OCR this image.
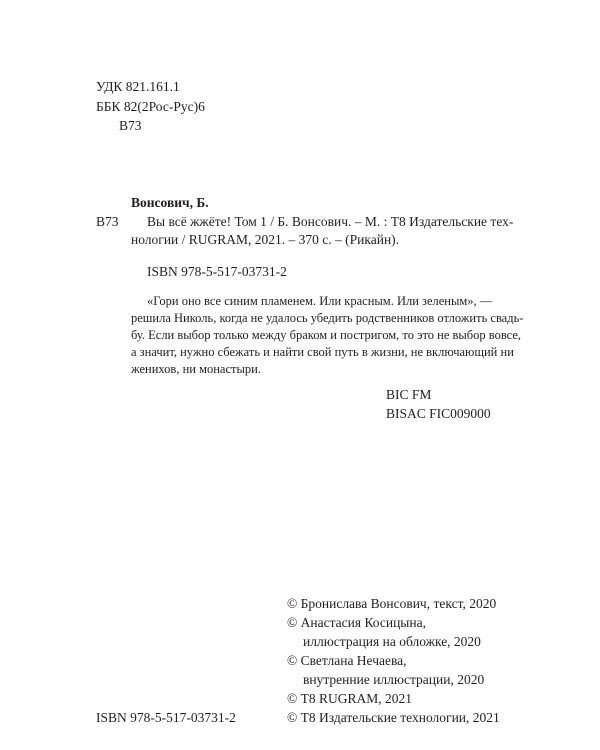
УДК 821.161.1
ББК 82(2Рос-Рус)6
В73
Вонсович, Б.
В73 Вы всё жжёте! Том 1 / Б. Вонсович. – М. : Т8 Издательские тех-
нологии / RUGRAM, 2021. – 370 с. – (Рикайн).
ISBN 978-5-517-03731-2
«Гори оно все синим пламенем. Или красным. Или зеленым», —
решила Николь, когда не удалось убедить родственников отложить свадь-
бу. Если выбор только между браком и постригом, то это не выбор вовсе,
а значит, нужно сбежать и найти свой путь в жизни, не включающий ни
женихов, ни монастыри.
BIC FM
BISAC FIC009000
© Бронислава Вонсович, текст, 2020
© Анастасия Косицына,
иллюстрация на обложке, 2020
© Светлана Нечаева,
внутренние иллюстрации, 2020
© Т8 RUGRAM, 2021
© Т8 Издательские технологии, 2021
ISBN 978-5-517-03731-2
